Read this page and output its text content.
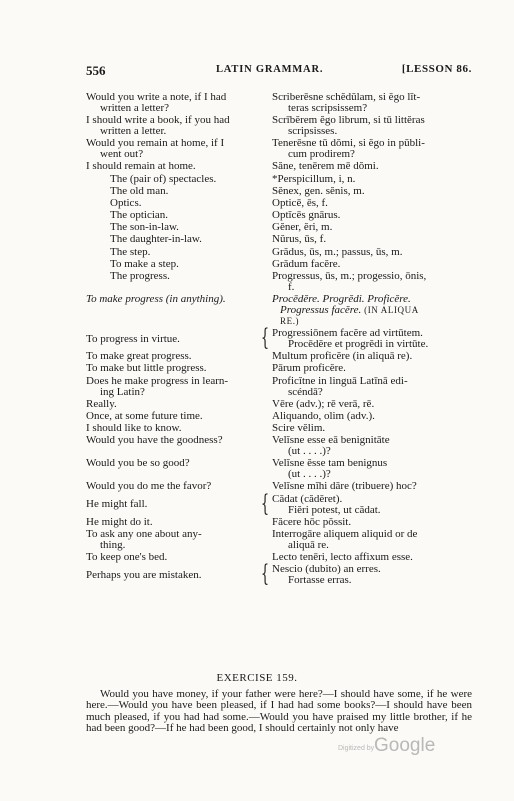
556	LATIN GRAMMAR.	[LESSON 86.
Would you write a note, if I had
written a letter?
Scriberēsne schĕdŭlam, si ĕgo lĭt-
teras scripsissem?
I should write a book, if you had
written a letter.
Scrībĕrem ĕgo librum, si tū littĕras
scripsisses.
Would you remain at home, if I
went out?
Tenerēsne tū dŏmi, si ĕgo in pŭbli-
cum prodirem?
I should remain at home.	Săne, tenērem mē dŏmi.
The (pair of) spectacles.	*Perspicillum, i, n.
The old man.	Sĕnex, gen. sĕnis, m.
Optics.	Opticē, ēs, f.
The optician.	Optĭcēs gnārus.
The son-in-law.	Gĕner, ĕri, m.
The daughter-in-law.	Nŭrus, ūs, f.
The step.	Grădus, ūs, m.; passus, ūs, m.
To make a step.	Grădum facĕre.
The progress.	Progressus, ūs, m.; progessio, ōnis,
f.
To make progress (in anything).	Procēdĕre. Progrĕdi. Proficĕre.
Progressus facĕre. (IN ALIQUA
RE.)
To progress in virtue.	{ Progressiōnem facĕre ad virtūtem.
Procēdĕre et progrĕdi in virtūte.
To make great progress.	Multum proficĕre (in aliquā re).
To make but little progress.	Pārum proficĕre.
Does he make progress in learn-
ing Latin?
Proficĭtne in linguā Latīnā edi-
scéndā?
Really.	Vēre (adv.); rē verā, rē.
Once, at some future time.	Aliquando, olim (adv.).
I should like to know.	Scire vĕlim.
Would you have the goodness?	Velĭsne esse eā benignitāte
(ut . . . .)?
Would you be so good?	Velĭsne ĕsse tam benignus
(ut . . . .)?
Would you do me the favor?	Velĭsne mĭhi dăre (tribuere) hoc?
He might fall.	{ Cădat (cădĕret).
Fiĕri potest, ut cădat.
He might do it.	Făcere hōc pŏssit.
To ask any one about any-
thing.
Interrogāre aliquem aliquid or de
aliquā re.
To keep one's bed.	Lecto tenēri, lecto affixum esse.
Perhaps you are mistaken.	{ Nescio (dubito) an erres.
Fortasse erras.
EXERCISE 159.

Would you have money, if your father were here?—I should have some, if he were here.—Would you have been pleased, if I had had some books?—I should have been much pleased, if you had had some.—Would you have praised my little brother, if he had been good?—If he had been good, I should certainly not only have

Digitized by Google
